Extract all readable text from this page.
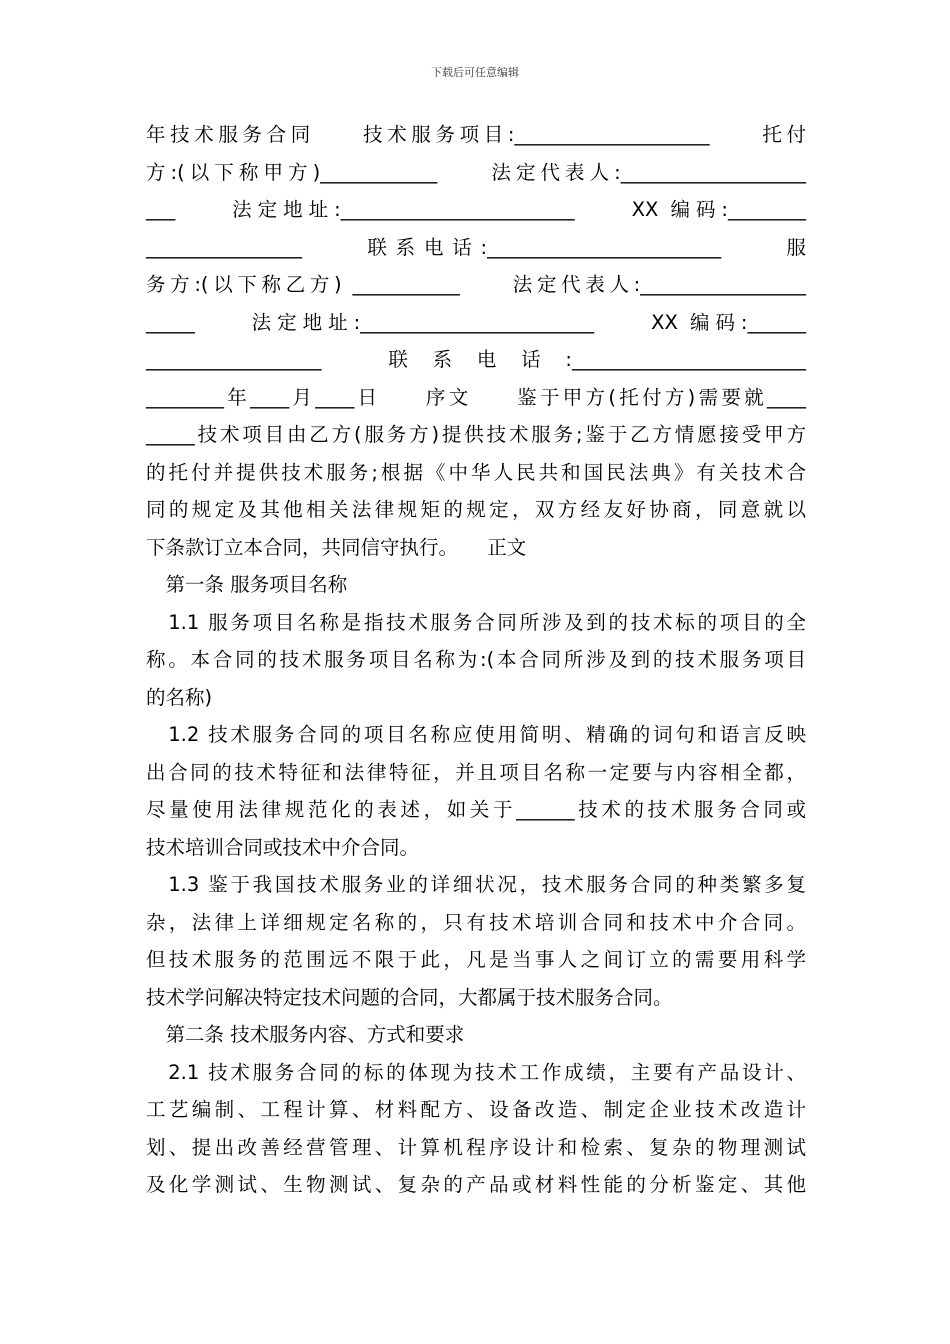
下载后可任意编辑
年技术服务合同　　技术服务项目:____________________　　托付
方:(以下称甲方)____________　　法定代表人:___________________
___　　法定地址:________________________　　XX 编码:________
________________　　联系电话:________________________　　服
务方:(以下称乙方) ___________　　法定代表人:_________________
_____　　法定地址:________________________　　XX 编码:______
__________________　　联 系 电 话 :________________________
________年____月____日　　序文　　鉴于甲方(托付方)需要就____
_____技术项目由乙方(服务方)提供技术服务;鉴于乙方情愿接受甲方
的托付并提供技术服务;根据《中华人民共和国民法典》有关技术合
同的规定及其他相关法律规矩的规定，双方经友好协商，同意就以
下条款订立本合同，共同信守执行。　　正文
　第一条 服务项目名称
　1.1 服务项目名称是指技术服务合同所涉及到的技术标的项目的全
称。本合同的技术服务项目名称为:(本合同所涉及到的技术服务项目
的名称)
　1.2 技术服务合同的项目名称应使用简明、精确的词句和语言反映
出合同的技术特征和法律特征，并且项目名称一定要与内容相全都，
尽量使用法律规范化的表述，如关于______技术的技术服务合同或
技术培训合同或技术中介合同。
　1.3 鉴于我国技术服务业的详细状况，技术服务合同的种类繁多复
杂，法律上详细规定名称的，只有技术培训合同和技术中介合同。
但技术服务的范围远不限于此，凡是当事人之间订立的需要用科学
技术学问解决特定技术问题的合同，大都属于技术服务合同。
　第二条 技术服务内容、方式和要求
　2.1 技术服务合同的标的体现为技术工作成绩，主要有产品设计、
工艺编制、工程计算、材料配方、设备改造、制定企业技术改造计
划、提出改善经营管理、计算机程序设计和检索、复杂的物理测试
及化学测试、生物测试、复杂的产品或材料性能的分析鉴定、其他
